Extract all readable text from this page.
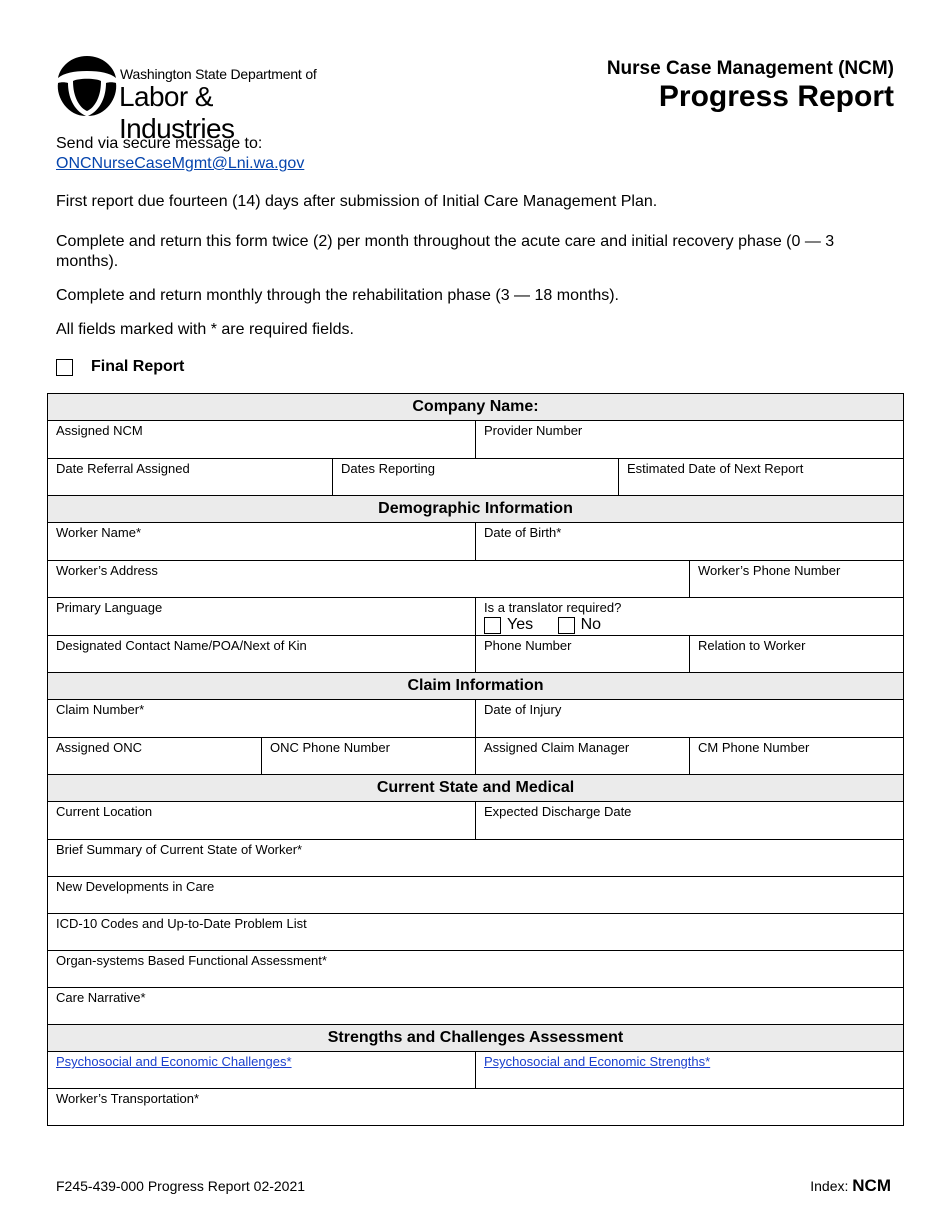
Washington State Department of
Labor & Industries
Nurse Case Management (NCM)
Progress Report
Send via secure message to:
ONCNurseCaseMgmt@Lni.wa.gov
First report due fourteen (14) days after submission of Initial Care Management Plan.
Complete and return this form twice (2) per month throughout the acute care and initial recovery phase (0 — 3 months).
Complete and return monthly through the rehabilitation phase (3 — 18 months).
All fields marked with * are required fields.
Final Report
Company Name:					
Assigned NCM			Provider Number		
Date Referral Assigned		Dates Reporting		Estimated Date of Next Report	
Demographic Information					
Worker Name*			Date of Birth*		
Worker’s Address					Worker’s Phone Number
Primary Language			Is a translator required?
Yes No		

Designated Contact Name/POA/Next of Kin			Phone Number		Relation to Worker
Claim Information					
Claim Number*			Date of Injury		
Assigned ONC	ONC Phone Number		Assigned Claim Manager		CM Phone Number
Current State and Medical					
Current Location			Expected Discharge Date		
Brief Summary of Current State of Worker*					
New Developments in Care					
ICD-10 Codes and Up-to-Date Problem List					
Organ-systems Based Functional Assessment*					
Care Narrative*					
Strengths and Challenges Assessment					
Psychosocial and Economic Challenges*			Psychosocial and Economic Strengths*		
Worker’s Transportation*					
F245-439-000 Progress Report 02-2021	Index: NCM
